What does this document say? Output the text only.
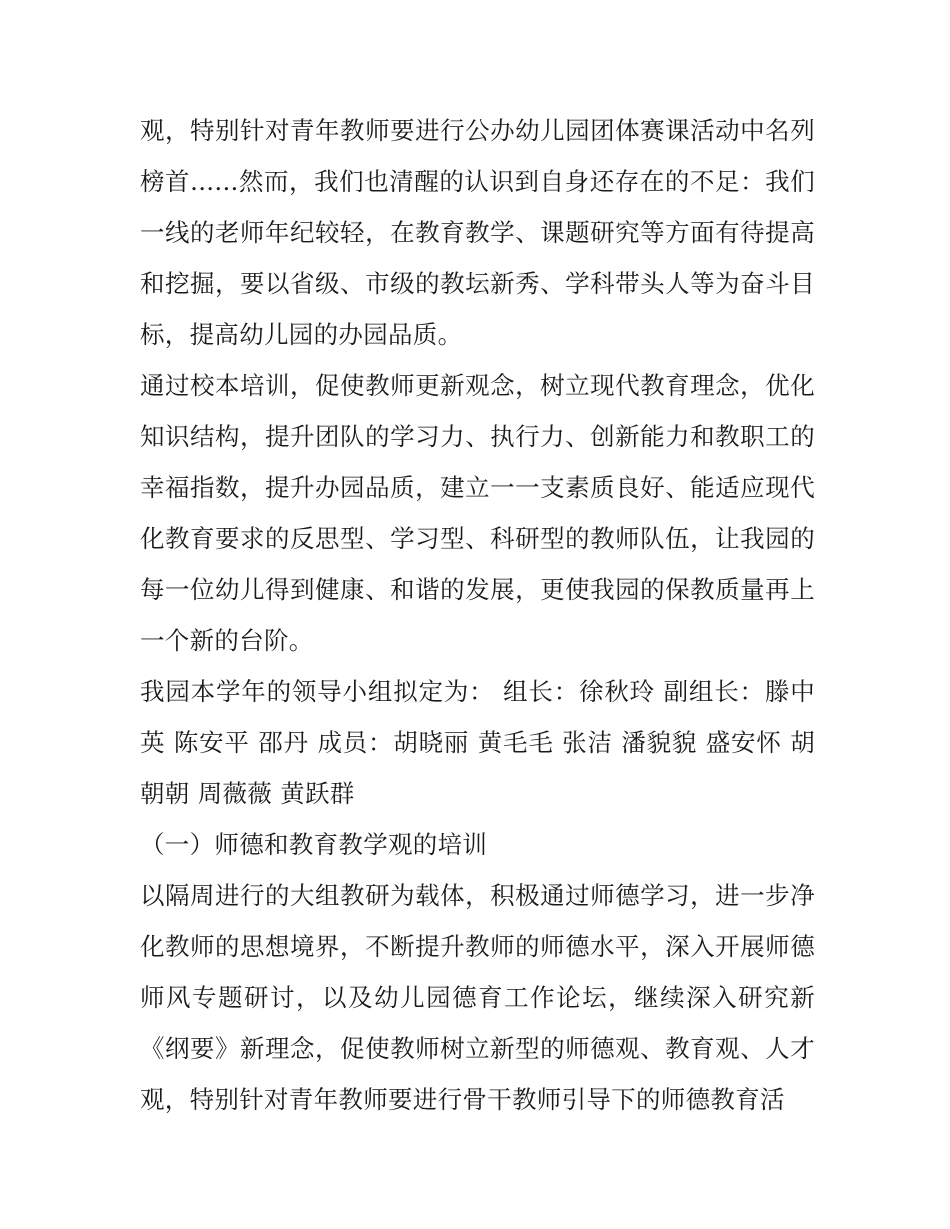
观，特别针对青年教师要进行公办幼儿园团体赛课活动中名列榜首......然而，我们也清醒的认识到自身还存在的不足：我们一线的老师年纪较轻，在教育教学、课题研究等方面有待提高和挖掘，要以省级、市级的教坛新秀、学科带头人等为奋斗目标，提高幼儿园的办园品质。

通过校本培训，促使教师更新观念，树立现代教育理念，优化知识结构，提升团队的学习力、执行力、创新能力和教职工的幸福指数，提升办园品质，建立一一支素质良好、能适应现代化教育要求的反思型、学习型、科研型的教师队伍，让我园的每一位幼儿得到健康、和谐的发展，更使我园的保教质量再上一个新的台阶。

我园本学年的领导小组拟定为： 组长：徐秋玲 副组长：滕中英 陈安平 邵丹 成员：胡晓丽 黄毛毛 张洁 潘貌貌 盛安怀 胡朝朝 周薇薇 黄跃群

（一）师德和教育教学观的培训

以隔周进行的大组教研为载体，积极通过师德学习，进一步净化教师的思想境界，不断提升教师的师德水平，深入开展师德师风专题研讨，以及幼儿园德育工作论坛，继续深入研究新《纲要》新理念，促使教师树立新型的师德观、教育观、人才观，特别针对青年教师要进行骨干教师引导下的师德教育活
